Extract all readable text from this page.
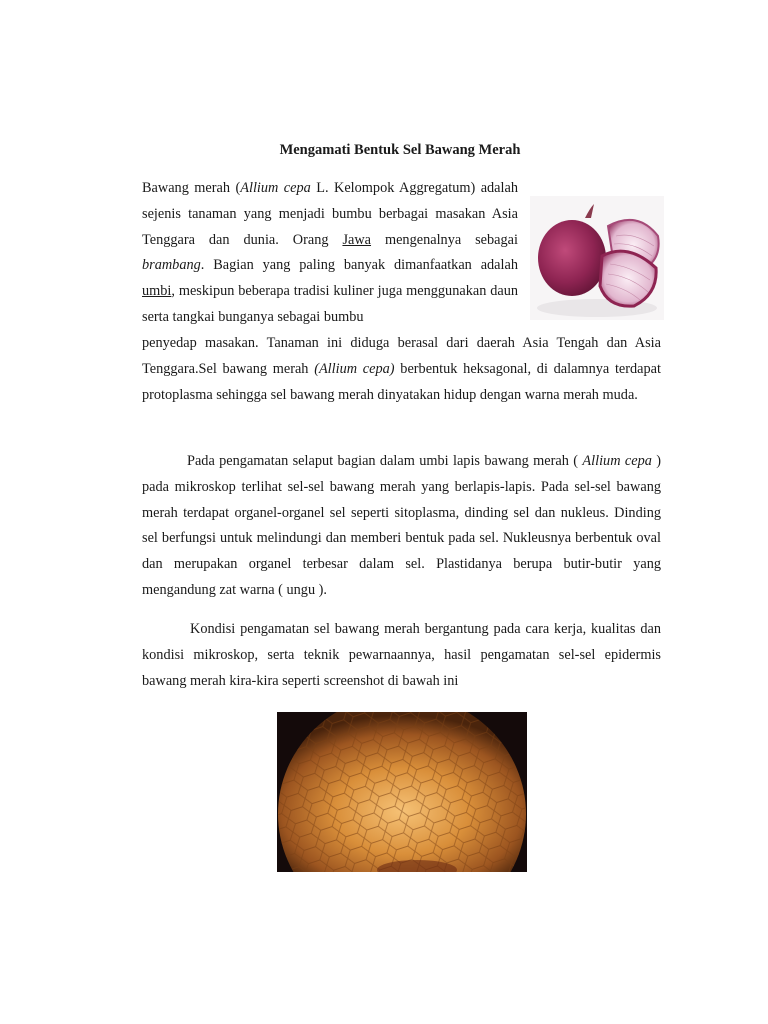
Mengamati Bentuk Sel Bawang Merah
Bawang merah (Allium cepa L. Kelompok Aggregatum) adalah sejenis tanaman yang menjadi bumbu berbagai masakan Asia Tenggara dan dunia. Orang Jawa mengenalnya sebagai brambang. Bagian yang paling banyak dimanfaatkan adalah umbi, meskipun beberapa tradisi kuliner juga menggunakan daun serta tangkai bunganya sebagai bumbu
penyedap masakan. Tanaman ini diduga berasal dari daerah Asia Tengah dan Asia Tenggara.Sel bawang merah (Allium cepa) berbentuk heksagonal, di dalamnya terdapat protoplasma sehingga sel bawang merah dinyatakan hidup dengan warna merah muda.
Pada pengamatan selaput bagian dalam umbi lapis bawang merah ( Allium cepa ) pada mikroskop terlihat sel-sel bawang merah yang berlapis-lapis. Pada sel-sel bawang merah terdapat organel-organel sel seperti sitoplasma, dinding sel dan nukleus. Dinding sel berfungsi untuk melindungi dan memberi bentuk pada sel. Nukleusnya berbentuk oval dan merupakan organel terbesar dalam sel. Plastidanya berupa butir-butir yang mengandung zat warna ( ungu ).
Kondisi pengamatan sel bawang merah bergantung pada cara kerja, kualitas dan kondisi mikroskop, serta teknik pewarnaannya, hasil pengamatan sel-sel epidermis bawang merah kira-kira seperti screenshot di bawah ini
